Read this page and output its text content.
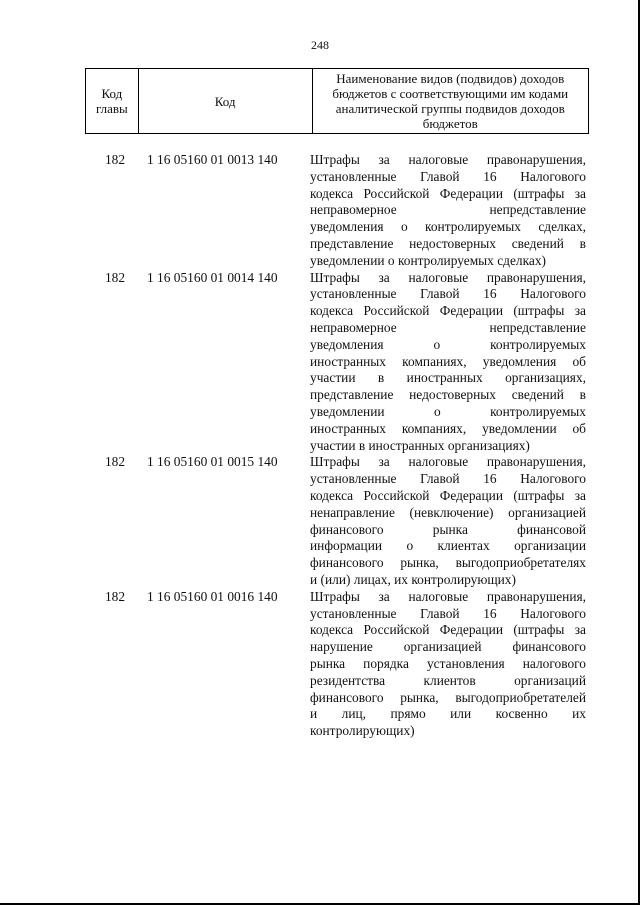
248
Код главы	Код	Наименование видов (подвидов) доходов бюджетов с соответствующими им кодами аналитической группы подвидов доходов бюджетов
182	1 16 05160 01 0013 140	Штрафы за налоговые правонарушения,
установленные Главой 16 Налогового
кодекса Российской Федерации (штрафы за
неправомерное непредставление
уведомления о контролируемых сделках,
представление недостоверных сведений в
уведомлении о контролируемых сделках)
182	1 16 05160 01 0014 140	Штрафы за налоговые правонарушения,
установленные Главой 16 Налогового
кодекса Российской Федерации (штрафы за
неправомерное непредставление
уведомления о контролируемых
иностранных компаниях, уведомления об
участии в иностранных организациях,
представление недостоверных сведений в
уведомлении о контролируемых
иностранных компаниях, уведомлении об
участии в иностранных организациях)
182	1 16 05160 01 0015 140	Штрафы за налоговые правонарушения,
установленные Главой 16 Налогового
кодекса Российской Федерации (штрафы за
ненаправление (невключение) организацией
финансового рынка финансовой
информации о клиентах организации
финансового рынка, выгодоприобретателях
и (или) лицах, их контролирующих)
182	1 16 05160 01 0016 140	Штрафы за налоговые правонарушения,
установленные Главой 16 Налогового
кодекса Российской Федерации (штрафы за
нарушение организацией финансового
рынка порядка установления налогового
резидентства клиентов организаций
финансового рынка, выгодоприобретателей
и лиц, прямо или косвенно их
контролирующих)
